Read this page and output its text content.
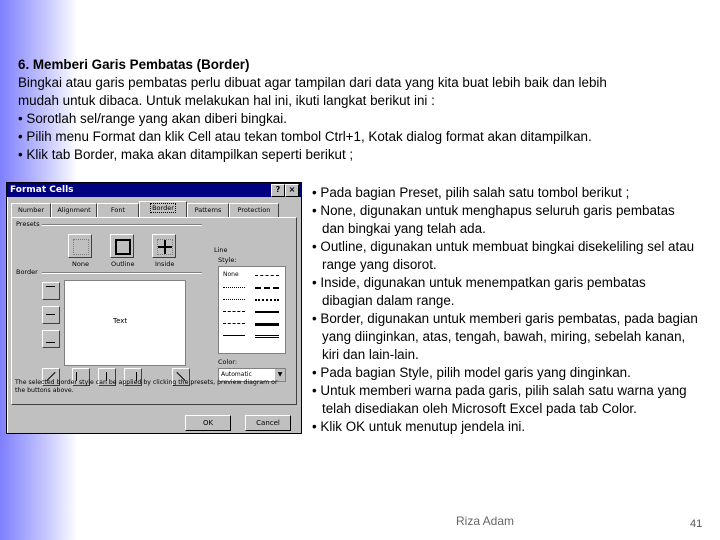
6. Memberi Garis Pembatas (Border)

Bingkai atau garis pembatas perlu dibuat agar tampilan dari data yang kita buat lebih baik dan lebih

mudah untuk dibaca. Untuk melakukan hal ini, ikuti langkat berikut ini :

• Sorotlah sel/range yang akan diberi bingkai.

• Pilih menu Format dan klik Cell atau tekan tombol Ctrl+1, Kotak dialog format akan ditampilkan.

• Klik tab Border, maka akan ditampilkan seperti berikut ;

Format Cells	?	×
Number	Alignment	Font	Border	Patterns	Protection
Presets
None	Outline	Inside
Border
Text
Line
Style:
None
Color:
Automatic	▼
The selected border style can be applied by clicking the presets, preview diagram or the buttons above.
OK	Cancel

• Pada bagian Preset, pilih salah satu tombol berikut ;

• None, digunakan untuk menghapus seluruh garis pembatas

dan bingkai yang telah ada.

• Outline, digunakan untuk membuat bingkai disekeliling sel atau

range yang disorot.

• Inside, digunakan untuk menempatkan garis pembatas

dibagian dalam range.

• Border, digunakan untuk memberi garis pembatas, pada bagian

yang diinginkan, atas, tengah, bawah, miring, sebelah kanan,

kiri dan lain-lain.

• Pada bagian Style, pilih model garis yang dinginkan.

• Untuk memberi warna pada garis, pilih salah satu warna yang

telah disediakan oleh Microsoft Excel pada tab Color.

• Klik OK untuk menutup jendela ini.

Riza Adam	41
